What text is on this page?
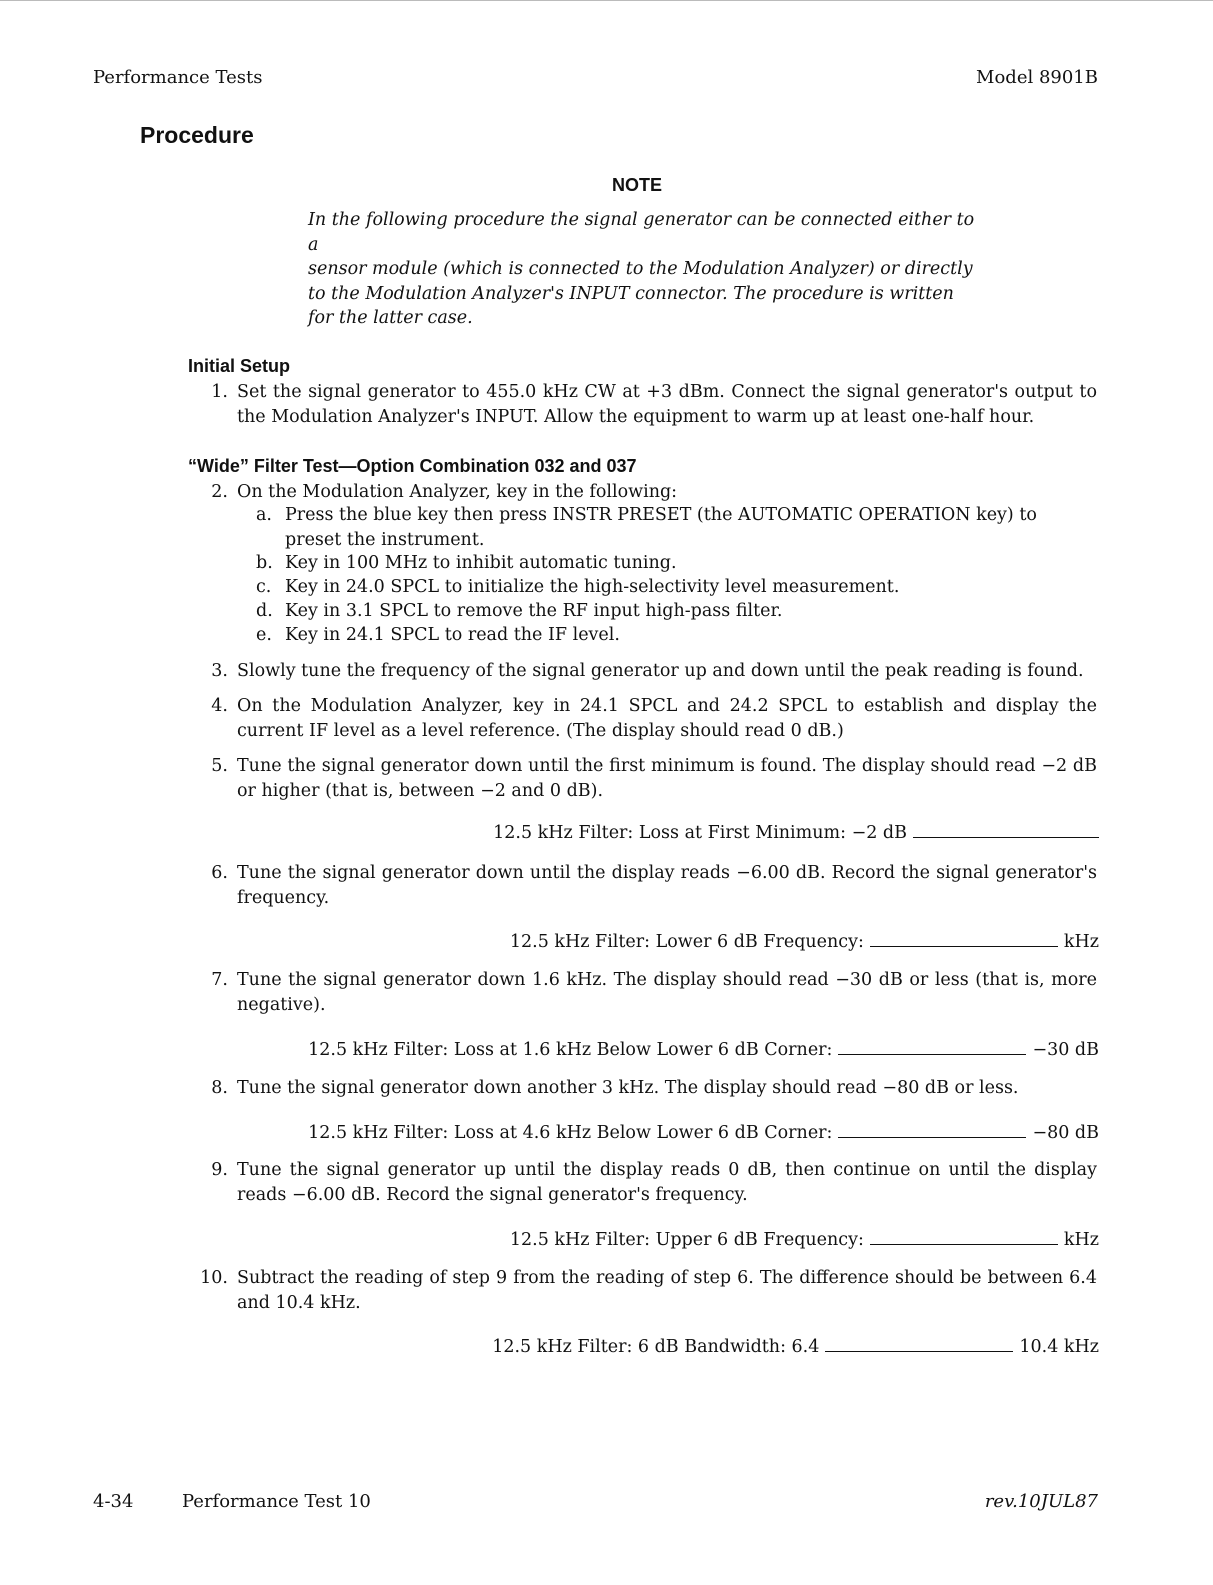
Performance Tests	Model 8901B
Procedure
NOTE
In the following procedure the signal generator can be connected either to a
sensor module (which is connected to the Modulation Analyzer) or directly
to the Modulation Analyzer's INPUT connector. The procedure is written
for the latter case.
Initial Setup
1. Set the signal generator to 455.0 kHz CW at +3 dBm. Connect the signal generator's output to the Modulation Analyzer's INPUT. Allow the equipment to warm up at least one-half hour.
“Wide” Filter Test—Option Combination 032 and 037
2. On the Modulation Analyzer, key in the following:
a. Press the blue key then press INSTR PRESET (the AUTOMATIC OPERATION key) to preset the instrument.
b. Key in 100 MHz to inhibit automatic tuning.
c. Key in 24.0 SPCL to initialize the high-selectivity level measurement.
d. Key in 3.1 SPCL to remove the RF input high-pass filter.
e. Key in 24.1 SPCL to read the IF level.
3. Slowly tune the frequency of the signal generator up and down until the peak reading is found.
4. On the Modulation Analyzer, key in 24.1 SPCL and 24.2 SPCL to establish and display the current IF level as a level reference. (The display should read 0 dB.)
5. Tune the signal generator down until the first minimum is found. The display should read −2 dB or higher (that is, between −2 and 0 dB).
12.5 kHz Filter: Loss at First Minimum: −2 dB
6. Tune the signal generator down until the display reads −6.00 dB. Record the signal generator's frequency.
12.5 kHz Filter: Lower 6 dB Frequency:	kHz
7. Tune the signal generator down 1.6 kHz. The display should read −30 dB or less (that is, more negative).
12.5 kHz Filter: Loss at 1.6 kHz Below Lower 6 dB Corner:	−30 dB
8. Tune the signal generator down another 3 kHz. The display should read −80 dB or less.
12.5 kHz Filter: Loss at 4.6 kHz Below Lower 6 dB Corner:	−80 dB
9. Tune the signal generator up until the display reads 0 dB, then continue on until the display reads −6.00 dB. Record the signal generator's frequency.
12.5 kHz Filter: Upper 6 dB Frequency:	kHz
10. Subtract the reading of step 9 from the reading of step 6. The difference should be between 6.4 and 10.4 kHz.
12.5 kHz Filter: 6 dB Bandwidth: 6.4	10.4 kHz
4-34	Performance Test 10	rev.10JUL87
